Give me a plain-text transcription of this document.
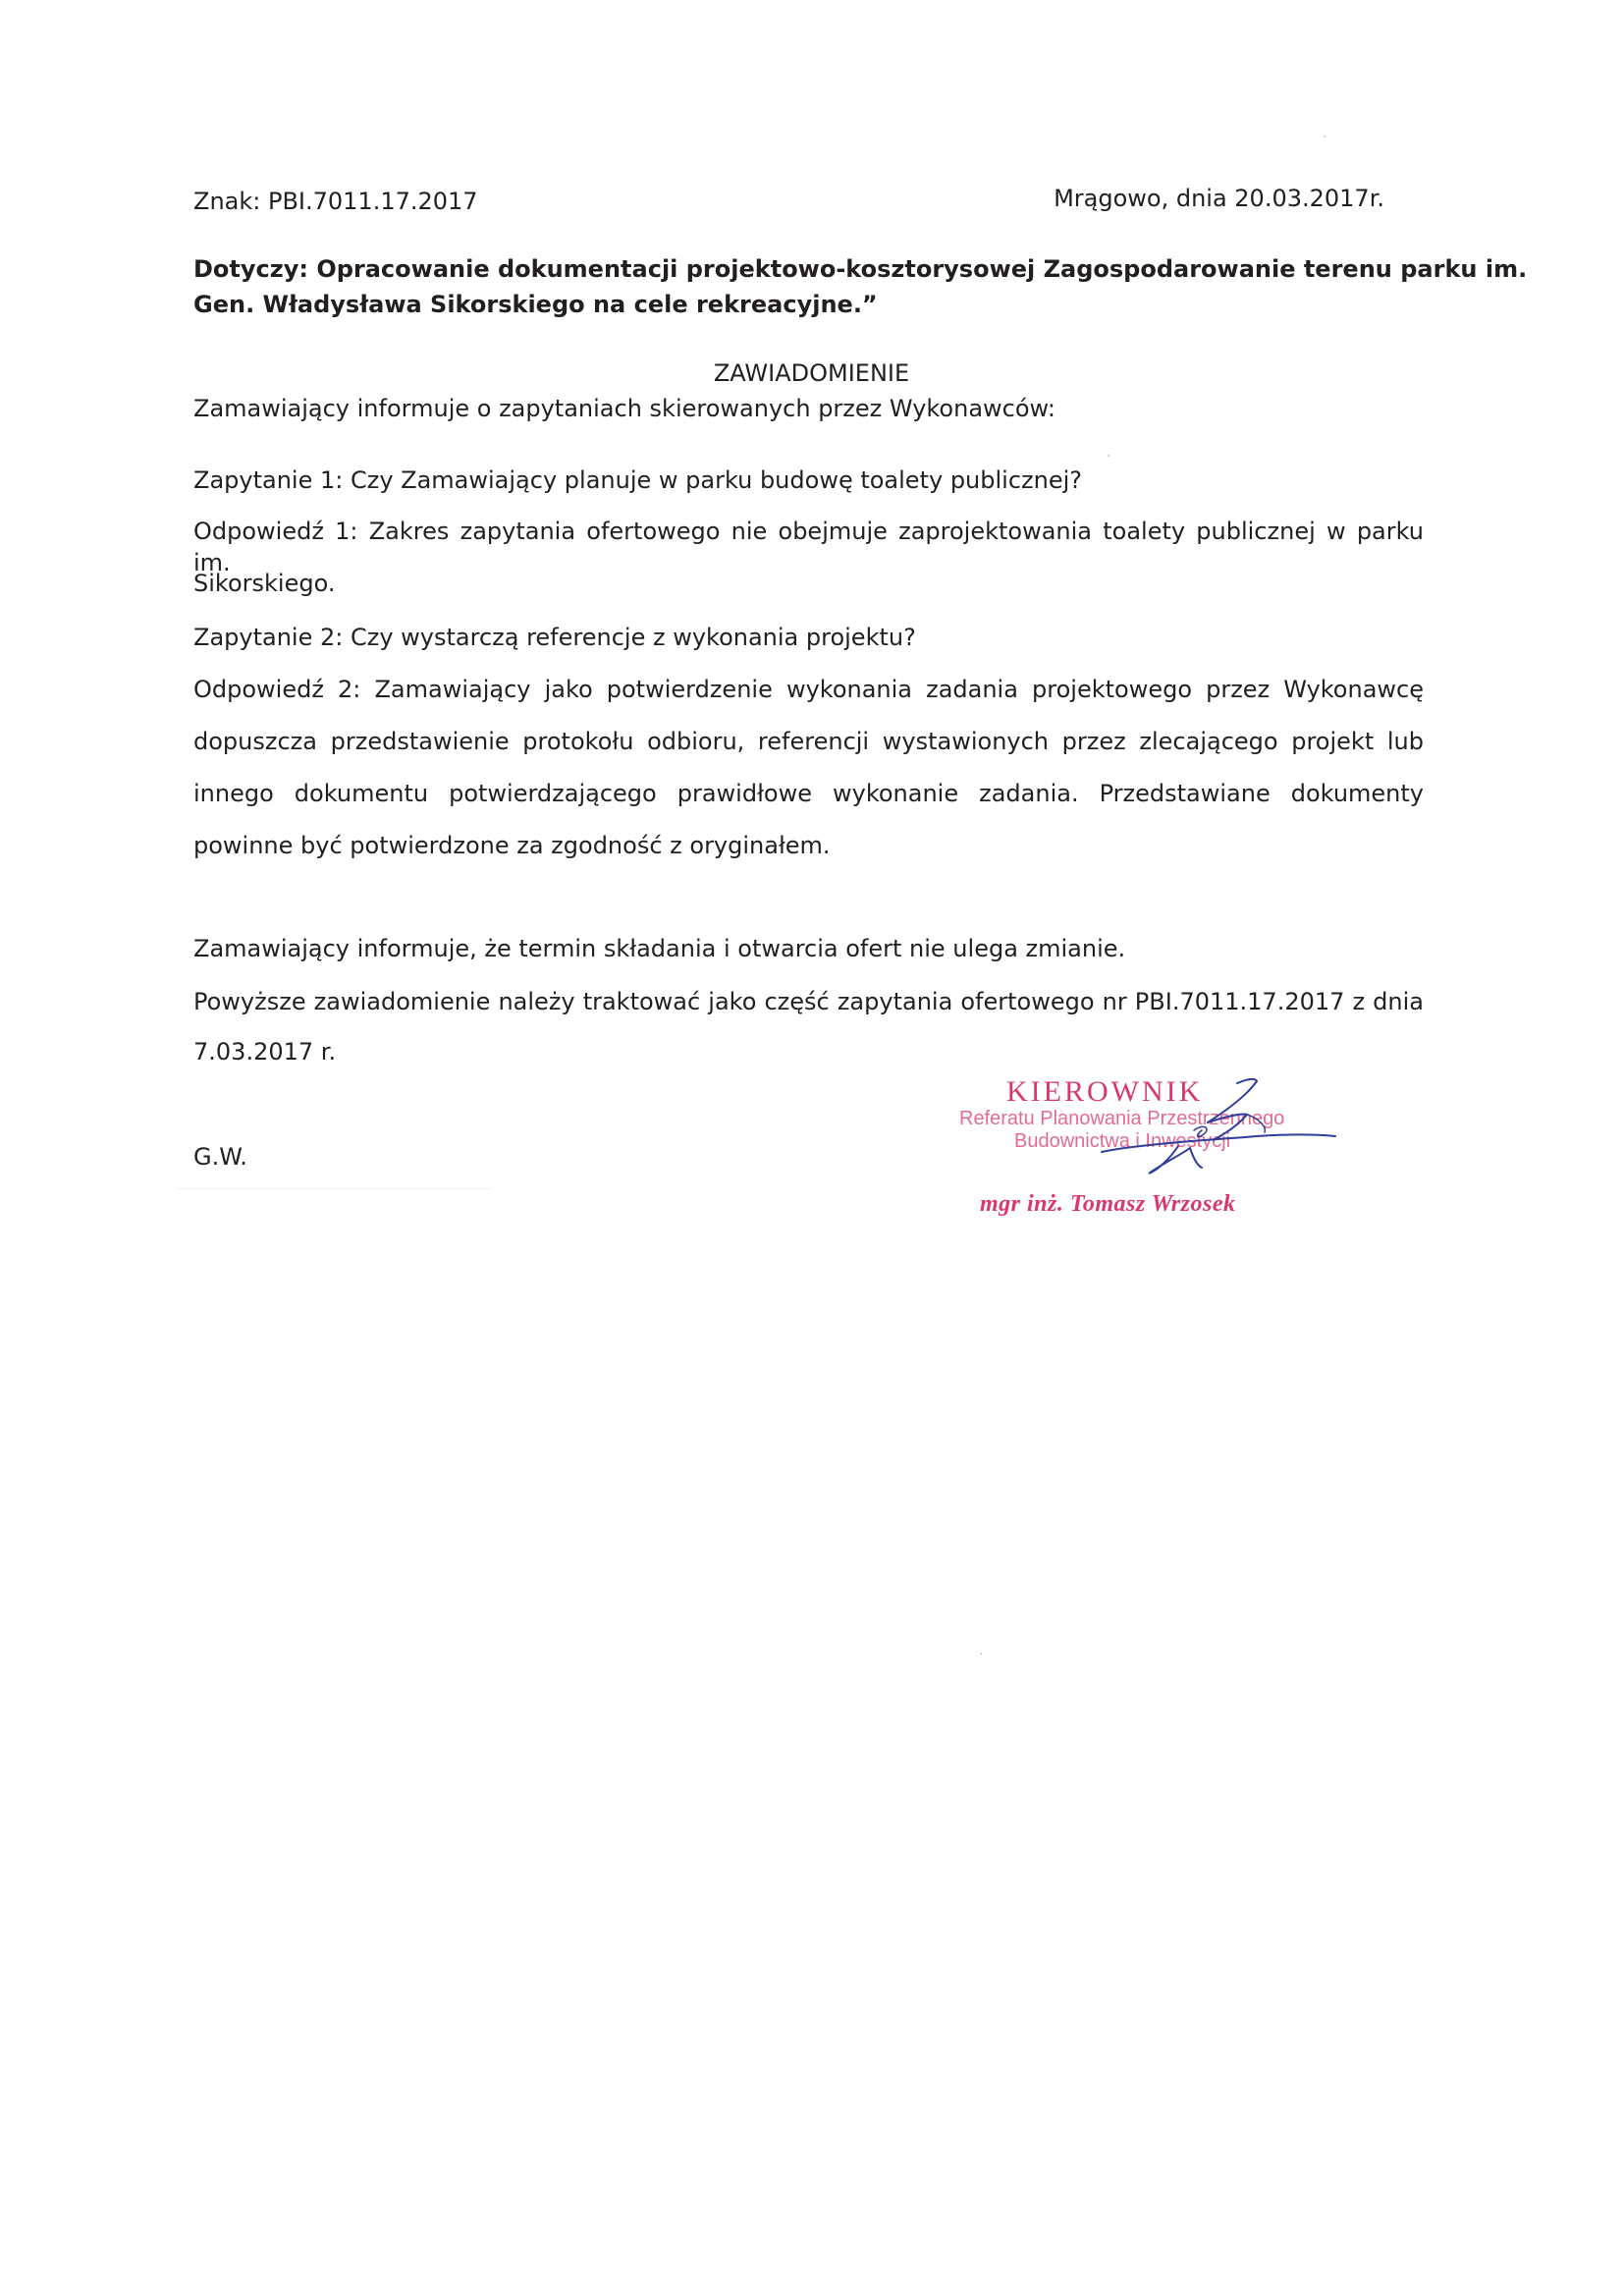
Znak: PBI.7011.17.2017	Mrągowo, dnia 20.03.2017r.
Dotyczy: Opracowanie dokumentacji projektowo-kosztorysowej Zagospodarowanie terenu parku im.
Gen. Władysława Sikorskiego na cele rekreacyjne.”
ZAWIADOMIENIE
Zamawiający informuje o zapytaniach skierowanych przez Wykonawców:
Zapytanie 1: Czy Zamawiający planuje w parku budowę toalety publicznej?
Odpowiedź 1: Zakres zapytania ofertowego nie obejmuje zaprojektowania toalety publicznej w parku im.
Sikorskiego.
Zapytanie 2: Czy wystarczą referencje z wykonania projektu?
Odpowiedź 2: Zamawiający jako potwierdzenie wykonania zadania projektowego przez Wykonawcę
dopuszcza przedstawienie protokołu odbioru, referencji wystawionych przez zlecającego projekt lub
innego dokumentu potwierdzającego prawidłowe wykonanie zadania. Przedstawiane dokumenty
powinne być potwierdzone za zgodność z oryginałem.
Zamawiający informuje, że termin składania i otwarcia ofert nie ulega zmianie.
Powyższe zawiadomienie należy traktować jako część zapytania ofertowego nr PBI.7011.17.2017 z dnia
7.03.2017 r.
G.W.
KIEROWNIK
Referatu Planowania Przestrzennego
Budownictwa i Inwestycji
mgr inż. Tomasz Wrzosek
